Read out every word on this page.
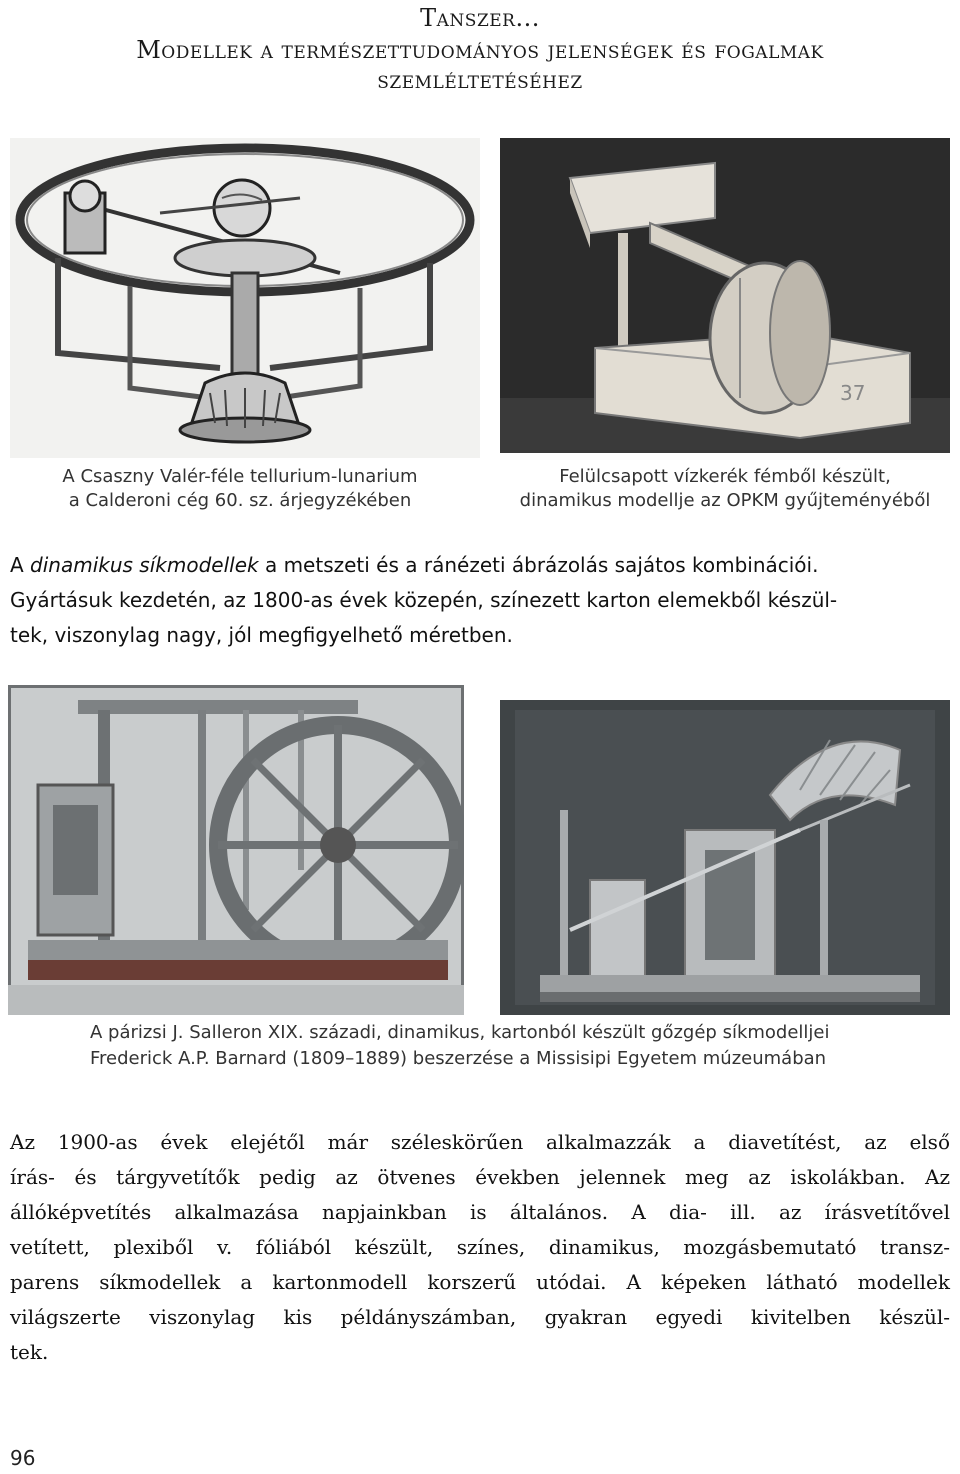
Tanszer...
Modellek a természettudományos jelenségek és fogalmak
szemléltetéséhez
37
A Csaszny Valér-féle tellurium-lunarium
a Calderoni cég 60. sz. árjegyzékében
Felülcsapott vízkerék fémből készült,
dinamikus modellje az OPKM gyűjteményéből
A dinamikus síkmodellek a metszeti és a ránézeti ábrázolás sajátos kombinációi.
Gyártásuk kezdetén, az 1800-as évek közepén, színezett karton elemekből készül-
tek, viszonylag nagy, jól megfigyelhető méretben.
A párizsi J. Salleron XIX. századi, dinamikus, kartonból készült gőzgép síkmodelljei
Frederick A.P. Barnard (1809–1889) beszerzése a Missisipi Egyetem múzeumában
Az 1900-as évek elejétől már széleskörűen alkalmazzák a diavetítést, az első
írás- és tárgyvetítők pedig az ötvenes években jelennek meg az iskolákban. Az
állóképvetítés alkalmazása napjainkban is általános. A dia- ill. az írásvetítővel
vetített, plexiből v. fóliából készült, színes, dinamikus, mozgásbemutató transz-
parens síkmodellek a kartonmodell korszerű utódai. A képeken látható modellek
világszerte viszonylag kis példányszámban, gyakran egyedi kivitelben készül-
tek.
96
